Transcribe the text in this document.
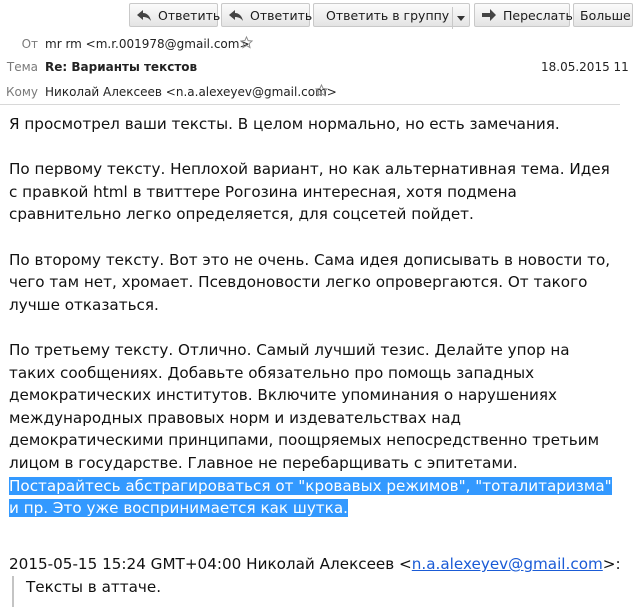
Ответить	Ответить	Ответить в группу	Переслать Больше
От mr rm <m.r.001978@gmail.com>
Тема Re: Варианты текстов	18.05.2015 11
Кому Николай Алексеев <n.a.alexeyev@gmail.com>

Я просмотрел ваши тексты. В целом нормально, но есть замечания.

По первому тексту. Неплохой вариант, но как альтернативная тема. Идея с правкой html в твиттере Рогозина интересная, хотя подмена сравнительно легко определяется, для соцсетей пойдет.

По второму тексту. Вот это не очень. Сама идея дописывать в новости то, чего там нет, хромает. Псевдоновости легко опровергаются. От такого лучше отказаться.

По третьему тексту. Отлично. Самый лучший тезис. Делайте упор на таких сообщениях. Добавьте обязательно про помощь западных демократических институтов. Включите упоминания о нарушениях международных правовых норм и издевательствах над демократическими принципами, поощряемых непосредственно третьим лицом в государстве. Главное не перебарщивать с эпитетами. Постарайтесь абстрагироваться от "кровавых режимов", "тоталитаризма" и пр. Это уже воспринимается как шутка.

2015-05-15 15:24 GMT+04:00 Николай Алексеев <n.a.alexeyev@gmail.com>:
Тексты в аттаче.
